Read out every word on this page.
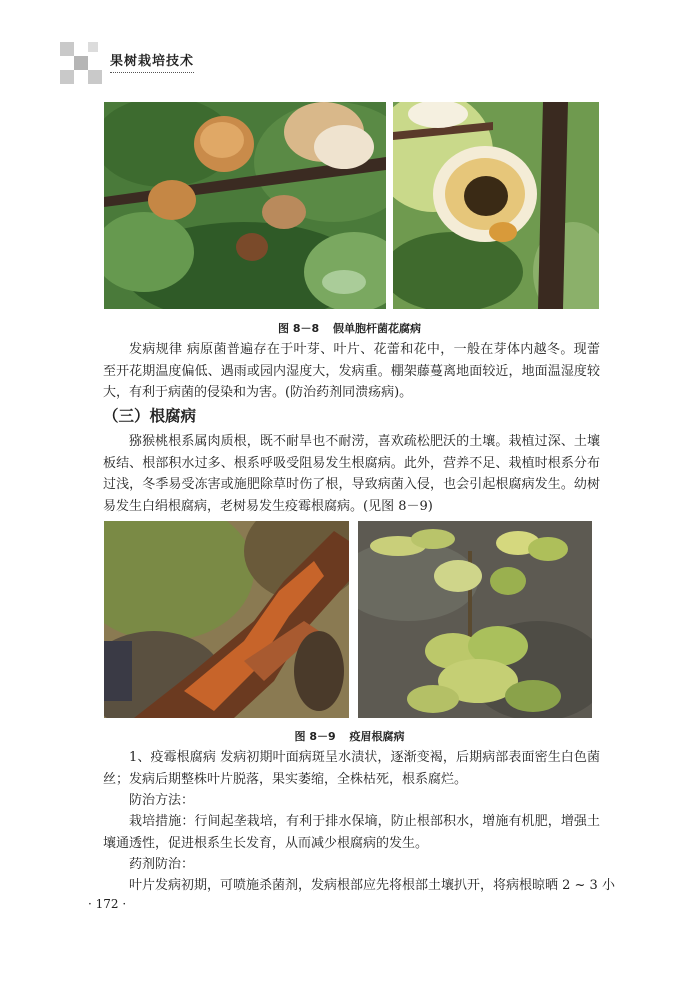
果树栽培技术
图 8－8 假单胞杆菌花腐病

发病规律 病原菌普遍存在于叶芽、叶片、花蕾和花中，一般在芽体内越冬。现蕾至开花期温度偏低、遇雨或园内湿度大，发病重。棚架藤蔓离地面较近，地面温湿度较大，有利于病菌的侵染和为害。(防治药剂同溃疡病)。

（三）根腐病

猕猴桃根系属肉质根，既不耐旱也不耐涝，喜欢疏松肥沃的土壤。栽植过深、土壤板结、根部积水过多、根系呼吸受阻易发生根腐病。此外，营养不足、栽植时根系分布过浅，冬季易受冻害或施肥除草时伤了根，导致病菌入侵，也会引起根腐病发生。幼树易发生白绢根腐病，老树易发生疫霉根腐病。(见图 8－9)

图 8－9 疫眉根腐病

1、疫霉根腐病 发病初期叶面病斑呈水渍状，逐渐变褐，后期病部表面密生白色菌丝；发病后期整株叶片脱落，果实萎缩，全株枯死，根系腐烂。

防治方法：

栽培措施：行间起垄栽培，有利于排水保墒，防止根部积水，增施有机肥，增强土壤通透性，促进根系生长发育，从而减少根腐病的发生。

药剂防治：

叶片发病初期，可喷施杀菌剂，发病根部应先将根部土壤扒开，将病根晾晒 2 ~ 3 小

· 172 ·
